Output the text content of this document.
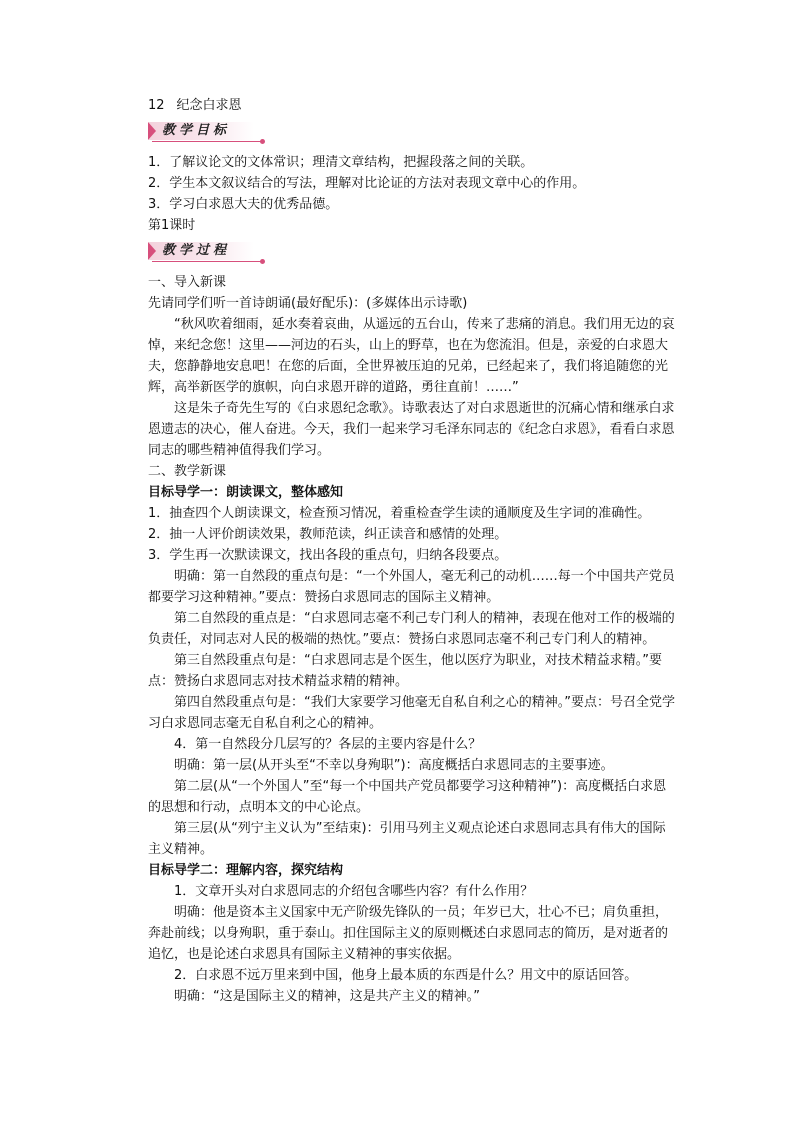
12 纪念白求恩
教学目标

1．了解议论文的文体常识；理清文章结构，把握段落之间的关联。

2．学生本文叙议结合的写法，理解对比论证的方法对表现文章中心的作用。

3．学习白求恩大夫的优秀品德。

第1课时

教学过程

一、导入新课

先请同学们听一首诗朗诵(最好配乐)：(多媒体出示诗歌)

“秋风吹着细雨，延水奏着哀曲，从遥远的五台山，传来了悲痛的消息。我们用无边的哀悼，来纪念您！这里——河边的石头，山上的野草，也在为您流泪。但是，亲爱的白求恩大夫，您静静地安息吧！在您的后面，全世界被压迫的兄弟，已经起来了，我们将追随您的光辉，高举新医学的旗帜，向白求恩开辟的道路，勇往直前！……”

这是朱子奇先生写的《白求恩纪念歌》。诗歌表达了对白求恩逝世的沉痛心情和继承白求恩遗志的决心，催人奋进。今天，我们一起来学习毛泽东同志的《纪念白求恩》，看看白求恩同志的哪些精神值得我们学习。

二、教学新课

目标导学一：朗读课文，整体感知

1．抽查四个人朗读课文，检查预习情况，着重检查学生读的通顺度及生字词的准确性。

2．抽一人评价朗读效果，教师范读，纠正读音和感情的处理。

3．学生再一次默读课文，找出各段的重点句，归纳各段要点。

明确：第一自然段的重点句是：“一个外国人，毫无利己的动机……每一个中国共产党员都要学习这种精神。”要点：赞扬白求恩同志的国际主义精神。

第二自然段的重点是：“白求恩同志毫不利己专门利人的精神，表现在他对工作的极端的负责任，对同志对人民的极端的热忱。”要点：赞扬白求恩同志毫不利己专门利人的精神。

第三自然段重点句是：“白求恩同志是个医生，他以医疗为职业，对技术精益求精。”要点：赞扬白求恩同志对技术精益求精的精神。

第四自然段重点句是：“我们大家要学习他毫无自私自利之心的精神。”要点：号召全党学习白求恩同志毫无自私自利之心的精神。

4．第一自然段分几层写的？各层的主要内容是什么？

明确：第一层(从开头至“不幸以身殉职”)：高度概括白求恩同志的主要事迹。

第二层(从“一个外国人”至“每一个中国共产党员都要学习这种精神”)：高度概括白求恩的思想和行动，点明本文的中心论点。

第三层(从“列宁主义认为”至结束)：引用马列主义观点论述白求恩同志具有伟大的国际主义精神。

目标导学二：理解内容，探究结构

1．文章开头对白求恩同志的介绍包含哪些内容？有什么作用？

明确：他是资本主义国家中无产阶级先锋队的一员；年岁已大，壮心不已；肩负重担，奔赴前线；以身殉职，重于泰山。扣住国际主义的原则概述白求恩同志的简历，是对逝者的追忆，也是论述白求恩具有国际主义精神的事实依据。

2．白求恩不远万里来到中国，他身上最本质的东西是什么？用文中的原话回答。

明确：“这是国际主义的精神，这是共产主义的精神。”
